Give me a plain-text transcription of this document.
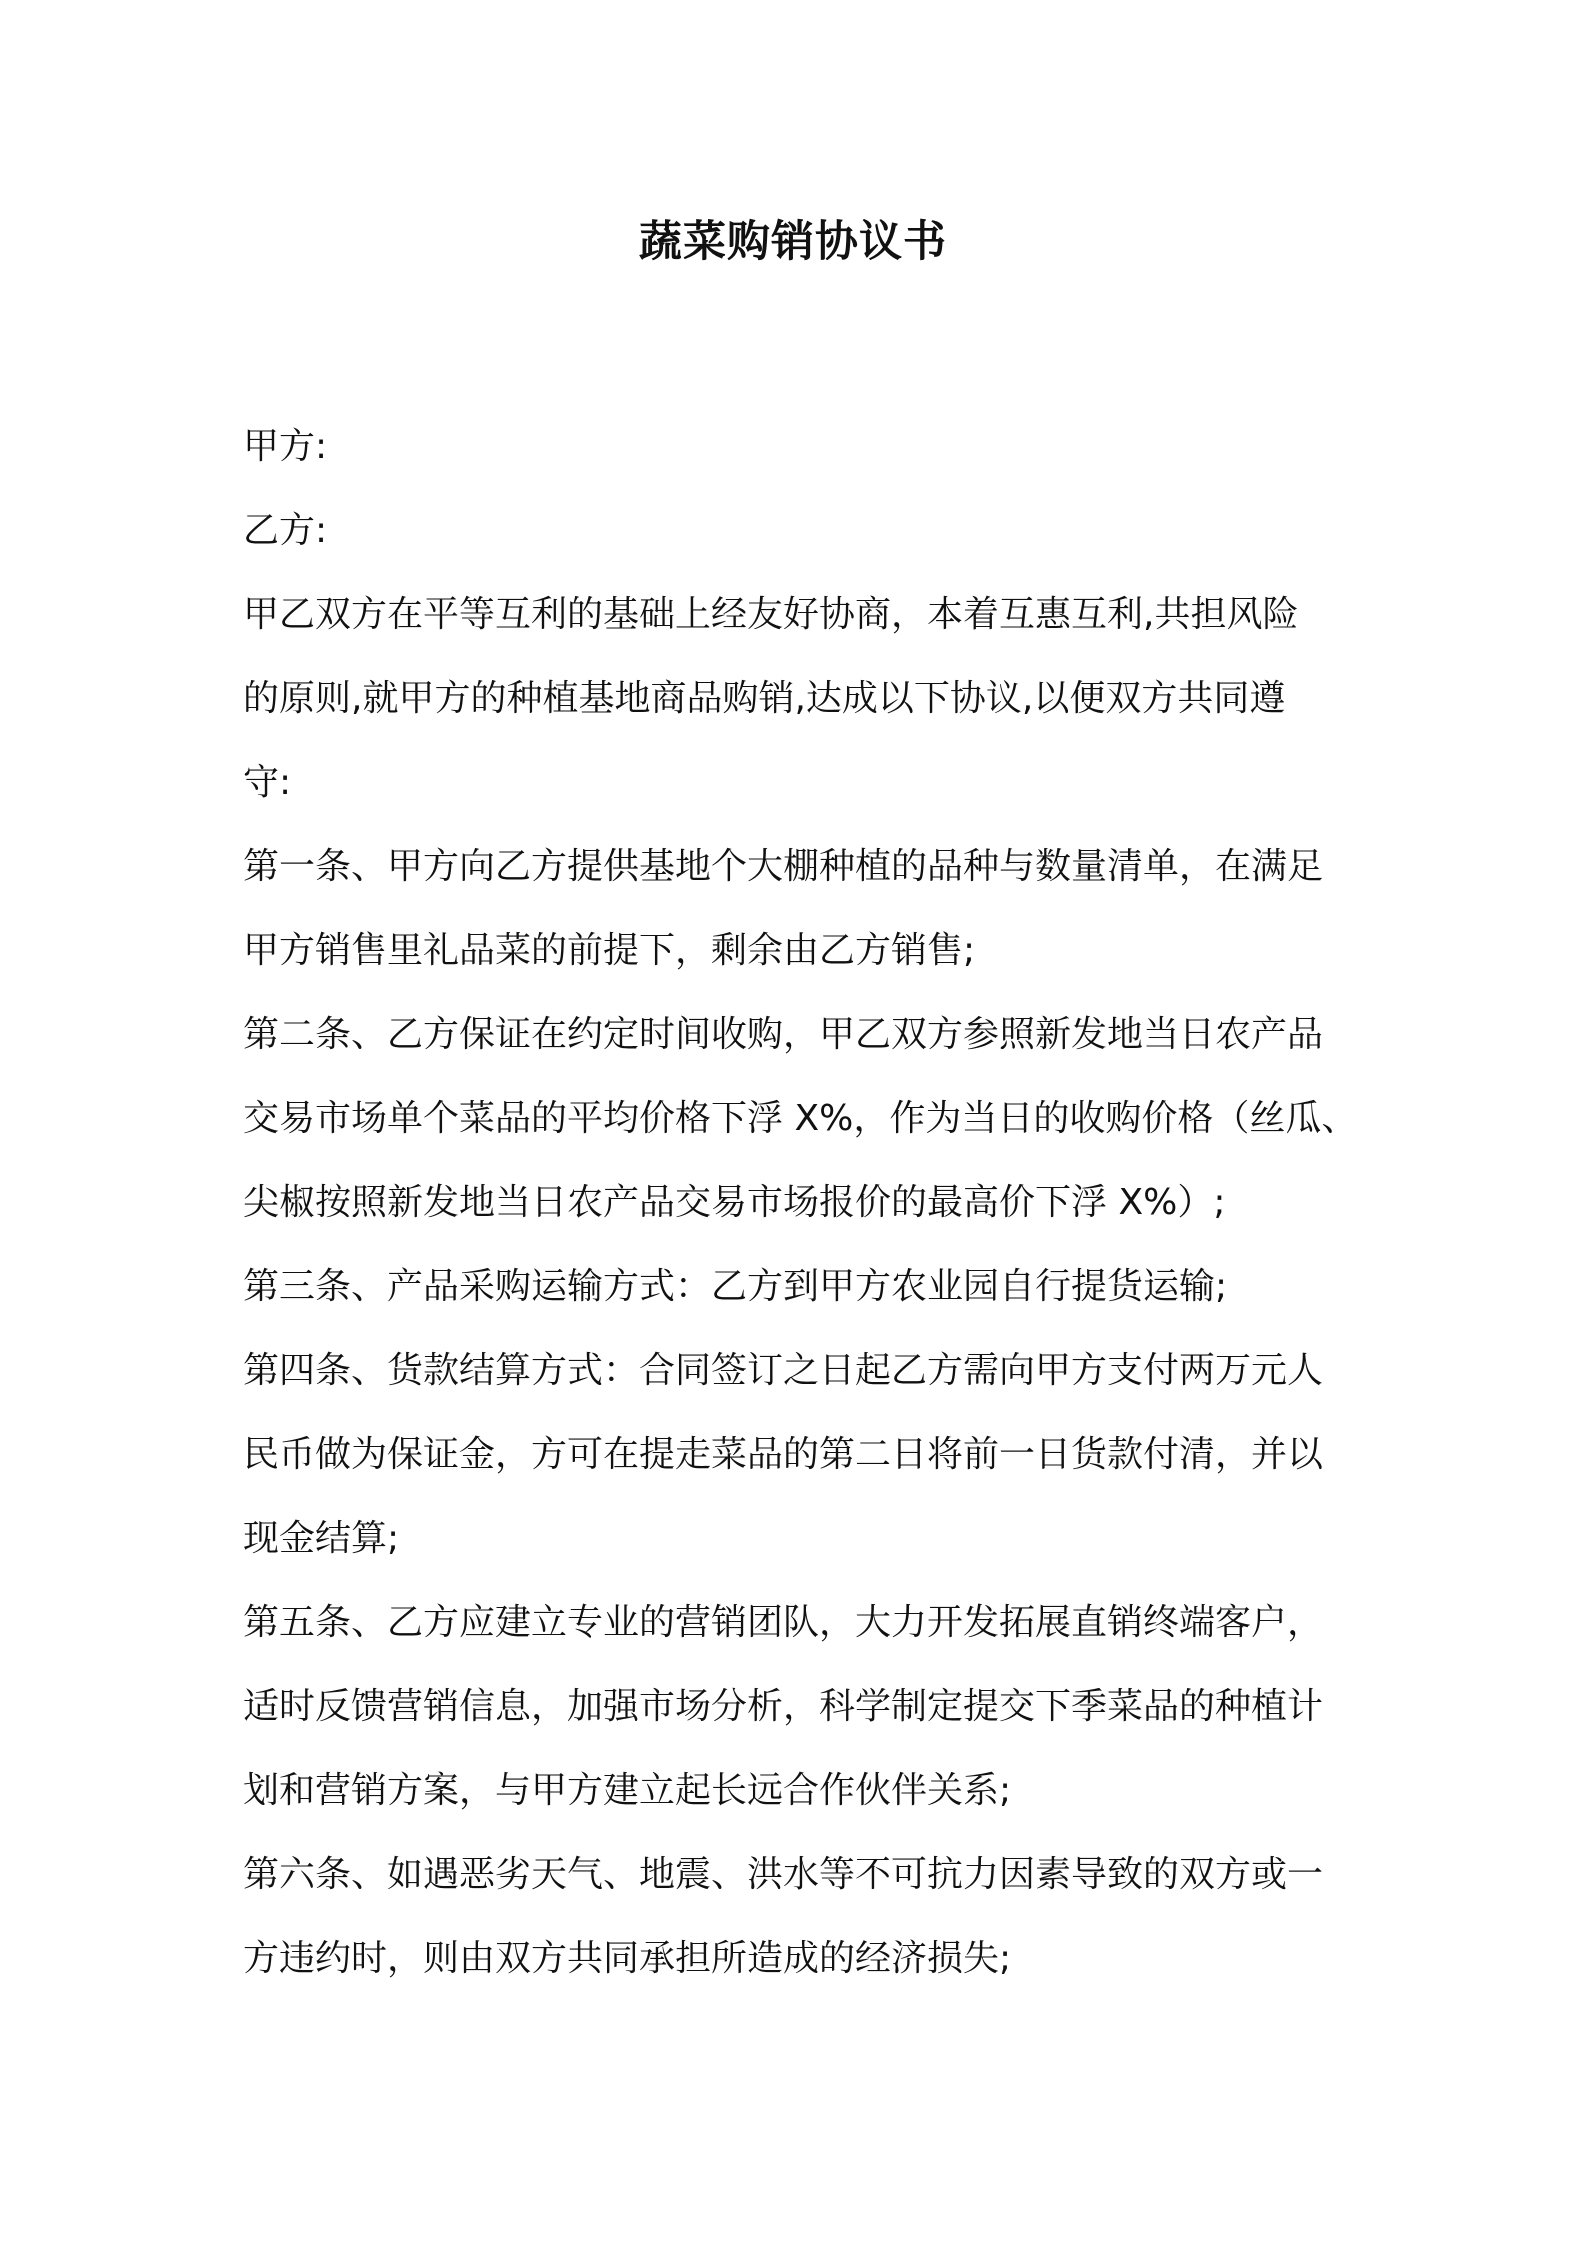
蔬菜购销协议书
甲方:
乙方:
甲乙双方在平等互利的基础上经友好协商，本着互惠互利,共担风险
的原则,就甲方的种植基地商品购销,达成以下协议,以便双方共同遵
守:
第一条、甲方向乙方提供基地个大棚种植的品种与数量清单，在满足
甲方销售里礼品菜的前提下，剩余由乙方销售;
第二条、乙方保证在约定时间收购，甲乙双方参照新发地当日农产品
交易市场单个菜品的平均价格下浮 X%，作为当日的收购价格（丝瓜、
尖椒按照新发地当日农产品交易市场报价的最高价下浮 X%）;
第三条、产品采购运输方式：乙方到甲方农业园自行提货运输;
第四条、货款结算方式：合同签订之日起乙方需向甲方支付两万元人
民币做为保证金，方可在提走菜品的第二日将前一日货款付清，并以
现金结算;
第五条、乙方应建立专业的营销团队，大力开发拓展直销终端客户，
适时反馈营销信息，加强市场分析，科学制定提交下季菜品的种植计
划和营销方案，与甲方建立起长远合作伙伴关系;
第六条、如遇恶劣天气、地震、洪水等不可抗力因素导致的双方或一
方违约时，则由双方共同承担所造成的经济损失;
